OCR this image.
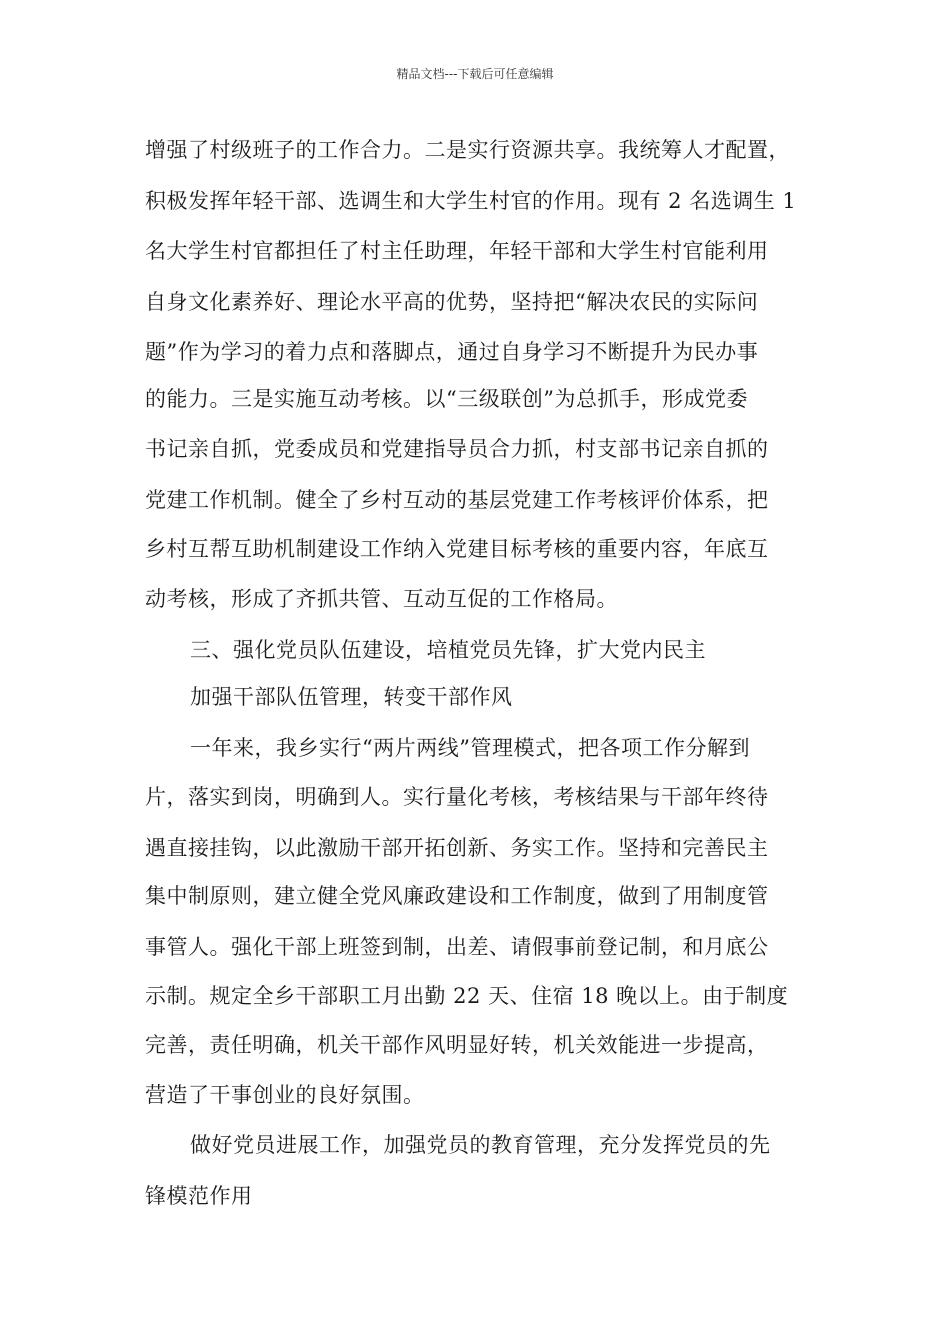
精品文档---下载后可任意编辑
增强了村级班子的工作合力。二是实行资源共享。我统筹人才配置，
积极发挥年轻干部、选调生和大学生村官的作用。现有 2 名选调生 1
名大学生村官都担任了村主任助理，年轻干部和大学生村官能利用
自身文化素养好、理论水平高的优势，坚持把“解决农民的实际问
题”作为学习的着力点和落脚点，通过自身学习不断提升为民办事
的能力。三是实施互动考核。以“三级联创”为总抓手，形成党委
书记亲自抓，党委成员和党建指导员合力抓，村支部书记亲自抓的
党建工作机制。健全了乡村互动的基层党建工作考核评价体系，把
乡村互帮互助机制建设工作纳入党建目标考核的重要内容，年底互
动考核，形成了齐抓共管、互动互促的工作格局。
三、强化党员队伍建设，培植党员先锋，扩大党内民主
加强干部队伍管理，转变干部作风
一年来，我乡实行“两片两线”管理模式，把各项工作分解到
片，落实到岗，明确到人。实行量化考核，考核结果与干部年终待
遇直接挂钩，以此激励干部开拓创新、务实工作。坚持和完善民主
集中制原则，建立健全党风廉政建设和工作制度，做到了用制度管
事管人。强化干部上班签到制，出差、请假事前登记制，和月底公
示制。规定全乡干部职工月出勤 22 天、住宿 18 晚以上。由于制度
完善，责任明确，机关干部作风明显好转，机关效能进一步提高，
营造了干事创业的良好氛围。
做好党员进展工作，加强党员的教育管理，充分发挥党员的先
锋模范作用
